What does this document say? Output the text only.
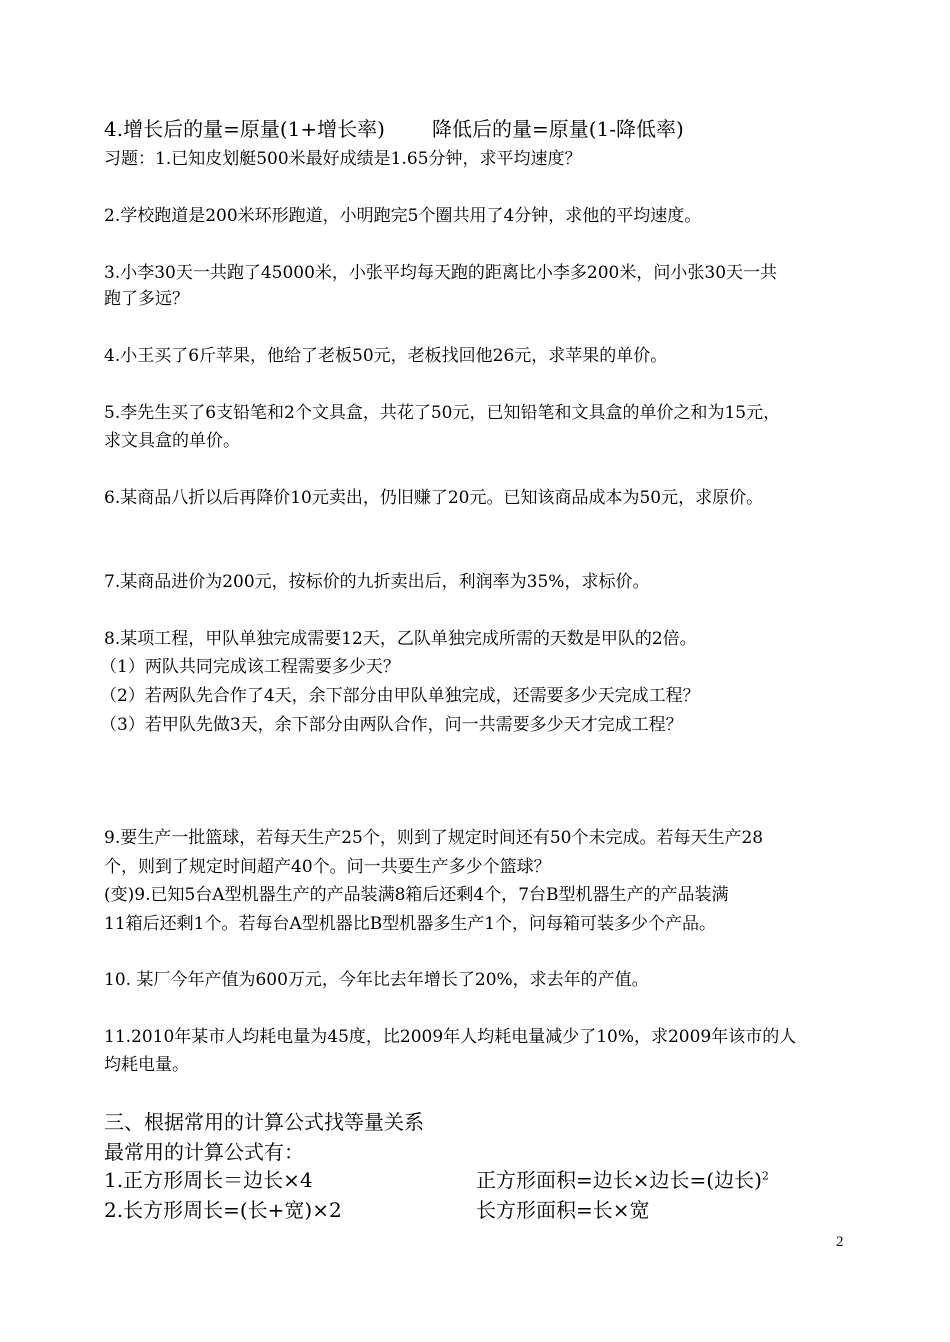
4.增长后的量=原量(1+增长率) 降低后的量=原量(1-降低率)

习题：1.已知皮划艇500米最好成绩是1.65分钟，求平均速度？

2.学校跑道是200米环形跑道，小明跑完5个圈共用了4分钟，求他的平均速度。

3.小李30天一共跑了45000米，小张平均每天跑的距离比小李多200米，问小张30天一共

跑了多远？

4.小王买了6斤苹果，他给了老板50元，老板找回他26元，求苹果的单价。

5.李先生买了6支铅笔和2个文具盒，共花了50元，已知铅笔和文具盒的单价之和为15元，

求文具盒的单价。

6.某商品八折以后再降价10元卖出，仍旧赚了20元。已知该商品成本为50元，求原价。

7.某商品进价为200元，按标价的九折卖出后，利润率为35%，求标价。

8.某项工程，甲队单独完成需要12天，乙队单独完成所需的天数是甲队的2倍。

（1）两队共同完成该工程需要多少天？

（2）若两队先合作了4天，余下部分由甲队单独完成，还需要多少天完成工程？

（3）若甲队先做3天，余下部分由两队合作，问一共需要多少天才完成工程？

9.要生产一批篮球，若每天生产25个，则到了规定时间还有50个未完成。若每天生产28

个，则到了规定时间超产40个。问一共要生产多少个篮球？

(变)9.已知5台A型机器生产的产品装满8箱后还剩4个，7台B型机器生产的产品装满

11箱后还剩1个。若每台A型机器比B型机器多生产1个，问每箱可装多少个产品。

10. 某厂今年产值为600万元，今年比去年增长了20%，求去年的产值。

11.2010年某市人均耗电量为45度，比2009年人均耗电量减少了10%，求2009年该市的人

均耗电量。

三、根据常用的计算公式找等量关系

最常用的计算公式有：

1.正方形周长＝边长×4	正方形面积=边长×边长=(边长)$^2$

2.长方形周长=(长+宽)×2	长方形面积=长×宽

2
